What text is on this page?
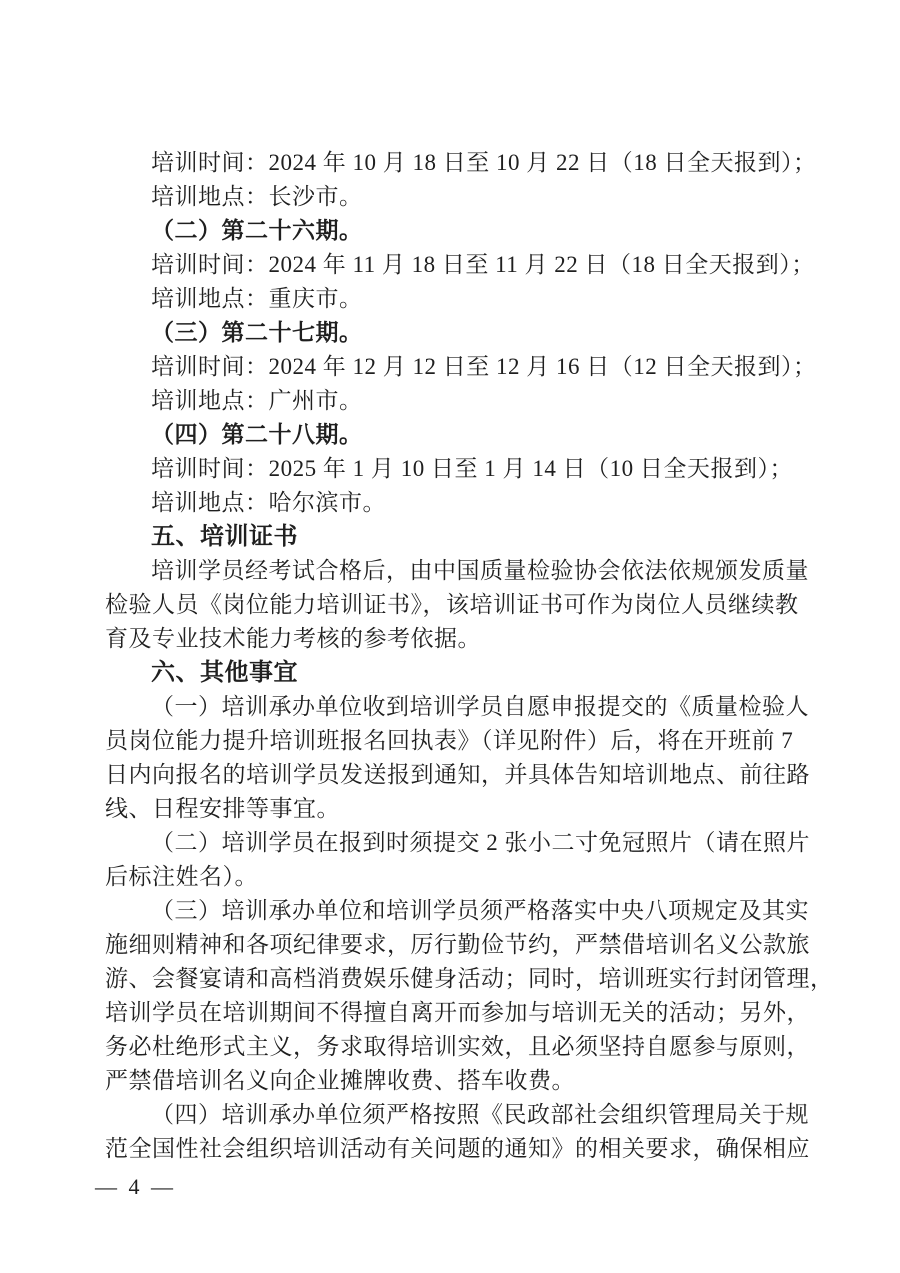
培训时间：2024 年 10 月 18 日至 10 月 22 日（18 日全天报到）；
培训地点：长沙市。
（二）第二十六期。
培训时间：2024 年 11 月 18 日至 11 月 22 日（18 日全天报到）；
培训地点：重庆市。
（三）第二十七期。
培训时间：2024 年 12 月 12 日至 12 月 16 日（12 日全天报到）；
培训地点：广州市。
（四）第二十八期。
培训时间：2025 年 1 月 10 日至 1 月 14 日（10 日全天报到）；
培训地点：哈尔滨市。
五、培训证书
培训学员经考试合格后，由中国质量检验协会依法依规颁发质量
检验人员《岗位能力培训证书》，该培训证书可作为岗位人员继续教
育及专业技术能力考核的参考依据。
六、其他事宜
（一）培训承办单位收到培训学员自愿申报提交的《质量检验人
员岗位能力提升培训班报名回执表》（详见附件）后，将在开班前 7
日内向报名的培训学员发送报到通知，并具体告知培训地点、前往路
线、日程安排等事宜。
（二）培训学员在报到时须提交 2 张小二寸免冠照片（请在照片
后标注姓名）。
（三）培训承办单位和培训学员须严格落实中央八项规定及其实
施细则精神和各项纪律要求，厉行勤俭节约，严禁借培训名义公款旅
游、会餐宴请和高档消费娱乐健身活动；同时，培训班实行封闭管理，
培训学员在培训期间不得擅自离开而参加与培训无关的活动；另外，
务必杜绝形式主义，务求取得培训实效，且必须坚持自愿参与原则，
严禁借培训名义向企业摊牌收费、搭车收费。
（四）培训承办单位须严格按照《民政部社会组织管理局关于规
范全国性社会组织培训活动有关问题的通知》的相关要求，确保相应
— 4 —
